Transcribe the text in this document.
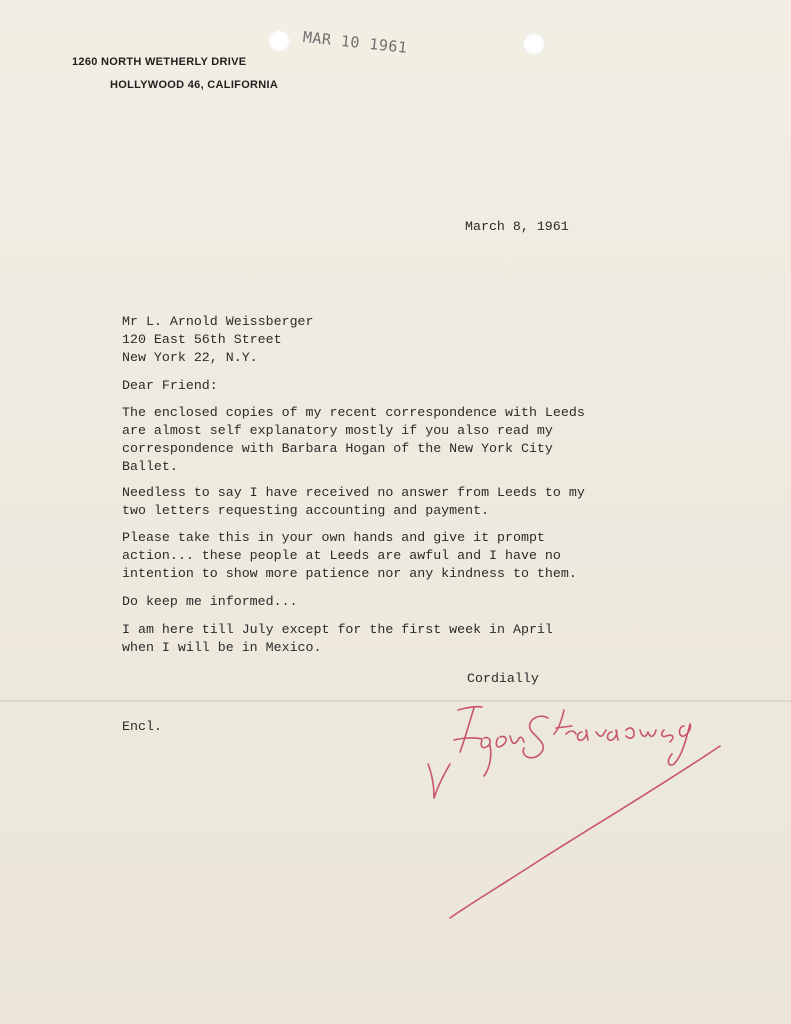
1260 NORTH WETHERLY DRIVE
HOLLYWOOD 46, CALIFORNIA
MAR 10 1961
March 8, 1961
Mr L. Arnold Weissberger
120 East 56th Street
New York 22, N.Y.
Dear Friend:
The enclosed copies of my recent correspondence with Leeds
are almost self explanatory mostly if you also read my
correspondence with Barbara Hogan of the New York City
Ballet.
Needless to say I have received no answer from Leeds to my
two letters requesting accounting and payment.
Please take this in your own hands and give it prompt
action... these people at Leeds are awful and I have no
intention to show more patience nor any kindness to them.
Do keep me informed...
I am here till July except for the first week in April
when I will be in Mexico.
Cordially
Encl.
